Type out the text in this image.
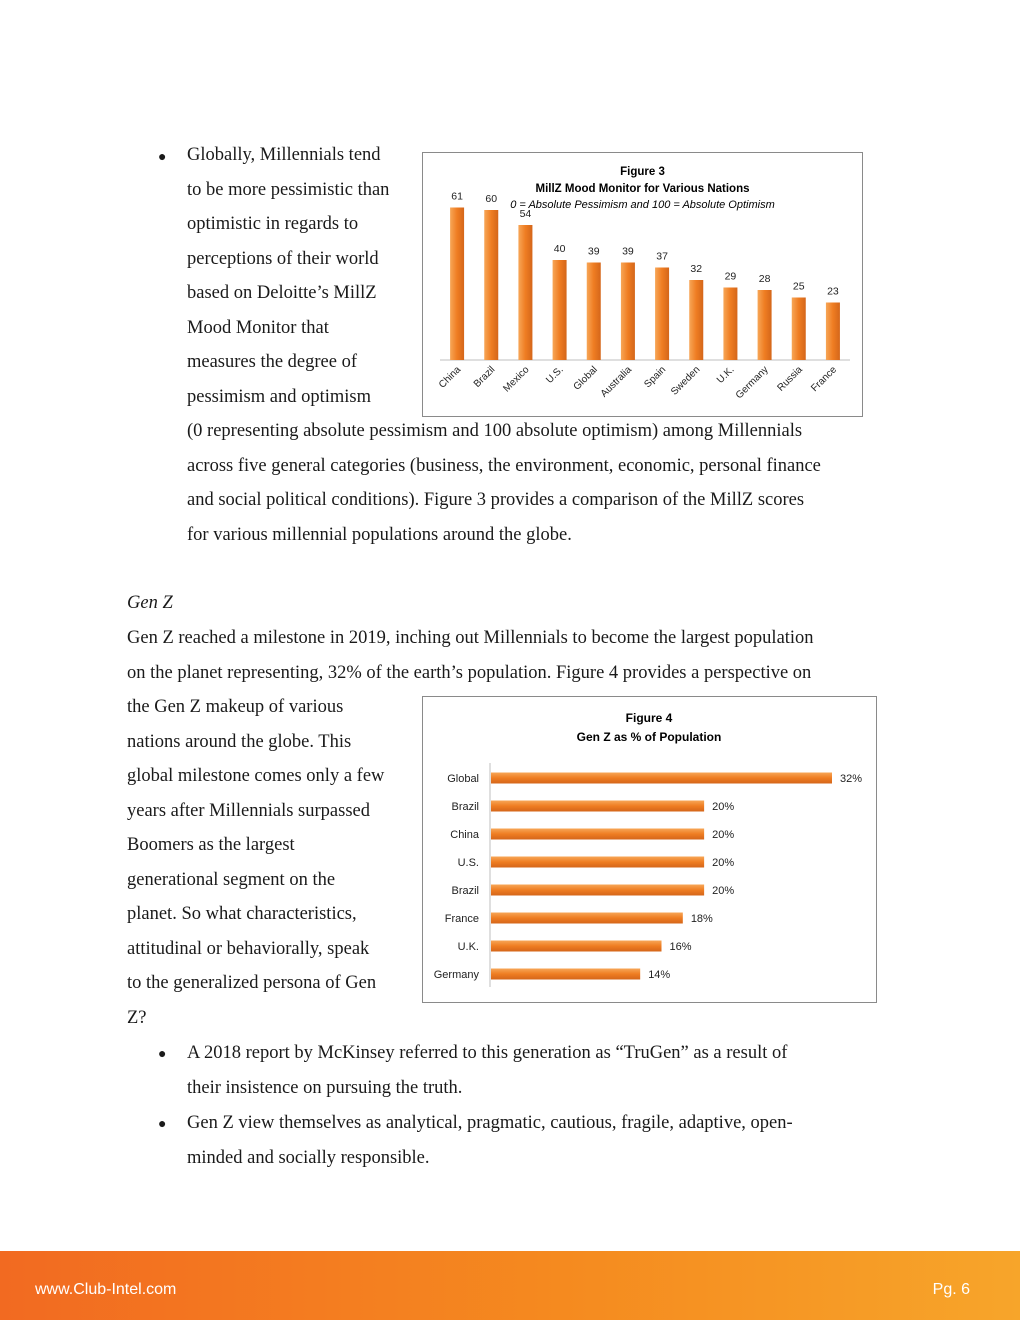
● Globally, Millennials tend
to be more pessimistic than
optimistic in regards to
perceptions of their world
based on Deloitte’s MillZ
Mood Monitor that
measures the degree of
pessimism and optimism
(0 representing absolute pessimism and 100 absolute optimism) among Millennials
across five general categories (business, the environment, economic, personal finance
and social political conditions). Figure 3 provides a comparison of the MillZ scores
for various millennial populations around the globe.
Figure 3
MillZ Mood Monitor for Various Nations
0 = Absolute Pessimism and 100 = Absolute Optimism
61
China
60
Brazil
54
Mexico
40
U.S.
39
Global
39
Australia
37
Spain
32
Sweden
29
U.K.
28
Germany
25
Russia
23
France
Gen Z
Gen Z reached a milestone in 2019, inching out Millennials to become the largest population
on the planet representing, 32% of the earth’s population. Figure 4 provides a perspective on
the Gen Z makeup of various
nations around the globe. This
global milestone comes only a few
years after Millennials surpassed
Boomers as the largest
generational segment on the
planet. So what characteristics,
attitudinal or behaviorally, speak
to the generalized persona of Gen
Z?
Figure 4
Gen Z as % of Population
Global	32%
Brazil	20%
China	20%
U.S.	20%
Brazil	20%
France	18%
U.K.	16%
Germany	14%
● A 2018 report by McKinsey referred to this generation as “TruGen” as a result of
their insistence on pursuing the truth.
● Gen Z view themselves as analytical, pragmatic, cautious, fragile, adaptive, open-
minded and socially responsible.
www.Club-Intel.com	Pg. 6
